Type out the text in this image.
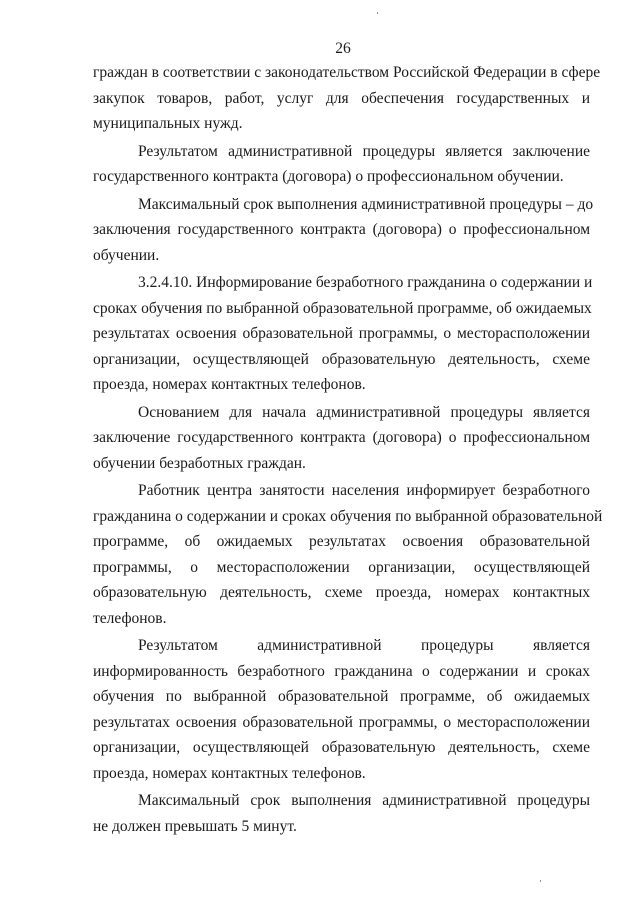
26
граждан в соответствии с законодательством Российской Федерации в сфере
закупок товаров, работ, услуг для обеспечения государственных и
муниципальных нужд.
Результатом административной процедуры является заключение
государственного контракта (договора) о профессиональном обучении.
Максимальный срок выполнения административной процедуры – до
заключения государственного контракта (договора) о профессиональном
обучении.
3.2.4.10. Информирование безработного гражданина о содержании и
сроках обучения по выбранной образовательной программе, об ожидаемых
результатах освоения образовательной программы, о месторасположении
организации, осуществляющей образовательную деятельность, схеме
проезда, номерах контактных телефонов.
Основанием для начала административной процедуры является
заключение государственного контракта (договора) о профессиональном
обучении безработных граждан.
Работник центра занятости населения информирует безработного
гражданина о содержании и сроках обучения по выбранной образовательной
программе, об ожидаемых результатах освоения образовательной
программы, о месторасположении организации, осуществляющей
образовательную деятельность, схеме проезда, номерах контактных
телефонов.
Результатом административной процедуры является
информированность безработного гражданина о содержании и сроках
обучения по выбранной образовательной программе, об ожидаемых
результатах освоения образовательной программы, о месторасположении
организации, осуществляющей образовательную деятельность, схеме
проезда, номерах контактных телефонов.
Максимальный срок выполнения административной процедуры
не должен превышать 5 минут.
